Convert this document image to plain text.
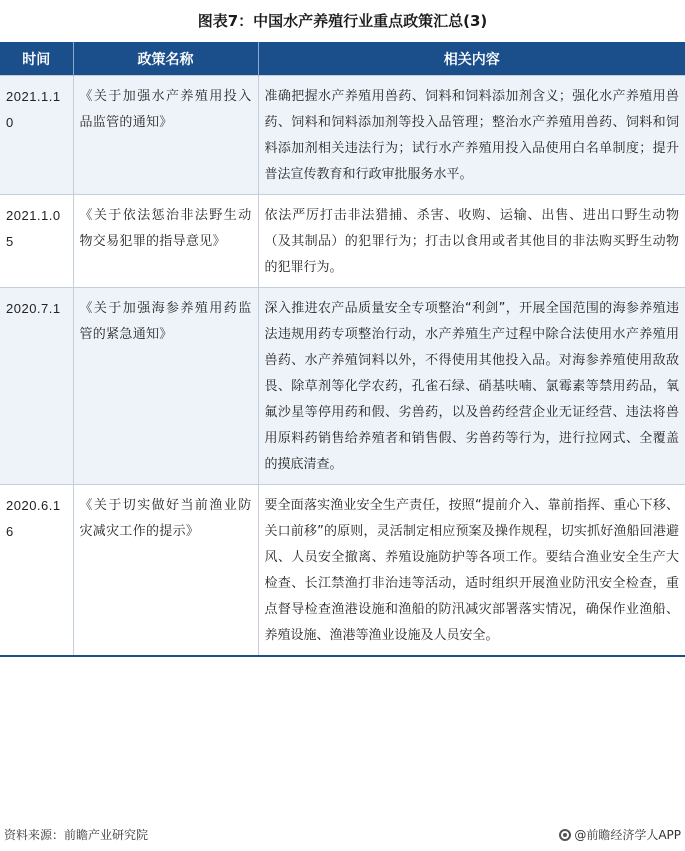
图表7：中国水产养殖行业重点政策汇总(3)
时间	政策名称	相关内容
2021.1.10	《关于加强水产养殖用投入品监管的通知》	准确把握水产养殖用兽药、饲料和饲料添加剂含义；强化水产养殖用兽药、饲料和饲料添加剂等投入品管理；整治水产养殖用兽药、饲料和饲料添加剂相关违法行为；试行水产养殖用投入品使用白名单制度；提升普法宣传教育和行政审批服务水平。
2021.1.05	《关于依法惩治非法野生动物交易犯罪的指导意见》	依法严厉打击非法猎捕、杀害、收购、运输、出售、进出口野生动物（及其制品）的犯罪行为；打击以食用或者其他目的非法购买野生动物的犯罪行为。
2020.7.1	《关于加强海参养殖用药监管的紧急通知》	深入推进农产品质量安全专项整治“利剑”，开展全国范围的海参养殖违法违规用药专项整治行动，水产养殖生产过程中除合法使用水产养殖用兽药、水产养殖饲料以外，不得使用其他投入品。对海参养殖使用敌敌畏、除草剂等化学农药，孔雀石绿、硝基呋喃、氯霉素等禁用药品，氧氟沙星等停用药和假、劣兽药，以及兽药经营企业无证经营、违法将兽用原料药销售给养殖者和销售假、劣兽药等行为，进行拉网式、全覆盖的摸底清查。
2020.6.16	《关于切实做好当前渔业防灾减灾工作的提示》	要全面落实渔业安全生产责任，按照“提前介入、靠前指挥、重心下移、关口前移”的原则，灵活制定相应预案及操作规程，切实抓好渔船回港避风、人员安全撤离、养殖设施防护等各项工作。要结合渔业安全生产大检查、长江禁渔打非治违等活动，适时组织开展渔业防汛安全检查，重点督导检查渔港设施和渔船的防汛减灾部署落实情况，确保作业渔船、养殖设施、渔港等渔业设施及人员安全。
资料来源：前瞻产业研究院	@前瞻经济学人APP
